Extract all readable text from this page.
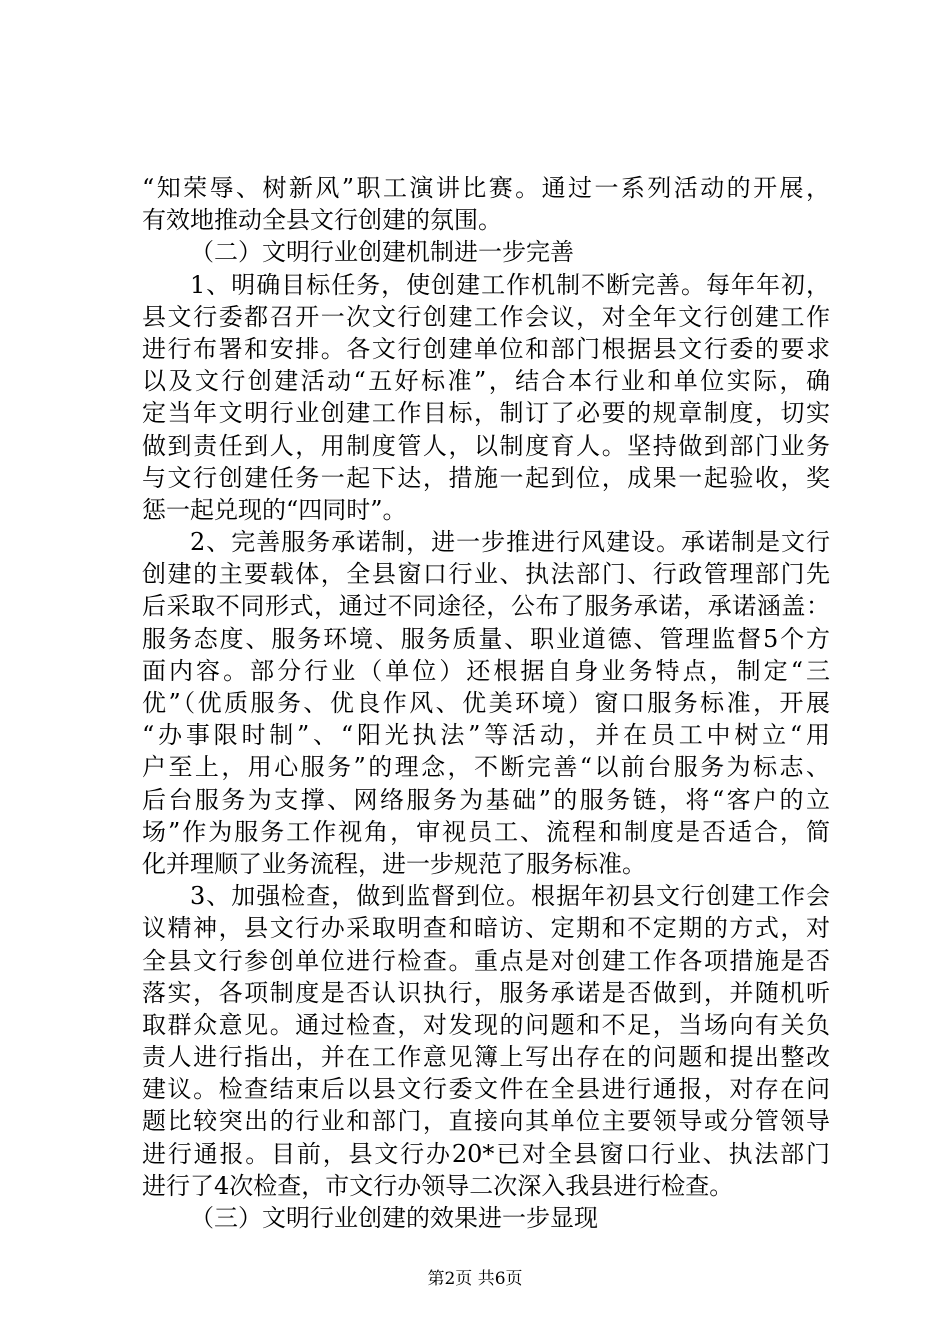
“知荣辱、树新风”职工演讲比赛。通过一系列活动的开展，
有效地推动全县文行创建的氛围。
（二）文明行业创建机制进一步完善
1、明确目标任务，使创建工作机制不断完善。每年年初，
县文行委都召开一次文行创建工作会议，对全年文行创建工作
进行布署和安排。各文行创建单位和部门根据县文行委的要求
以及文行创建活动“五好标准”，结合本行业和单位实际，确
定当年文明行业创建工作目标，制订了必要的规章制度，切实
做到责任到人，用制度管人，以制度育人。坚持做到部门业务
与文行创建任务一起下达，措施一起到位，成果一起验收，奖
惩一起兑现的“四同时”。
2、完善服务承诺制，进一步推进行风建设。承诺制是文行
创建的主要载体，全县窗口行业、执法部门、行政管理部门先
后采取不同形式，通过不同途径，公布了服务承诺，承诺涵盖：
服务态度、服务环境、服务质量、职业道德、管理监督5个方
面内容。部分行业（单位）还根据自身业务特点，制定“三
优”（优质服务、优良作风、优美环境）窗口服务标准，开展
“办事限时制”、“阳光执法”等活动，并在员工中树立“用
户至上，用心服务”的理念，不断完善“以前台服务为标志、
后台服务为支撑、网络服务为基础”的服务链，将“客户的立
场”作为服务工作视角，审视员工、流程和制度是否适合，简
化并理顺了业务流程，进一步规范了服务标准。
3、加强检查，做到监督到位。根据年初县文行创建工作会
议精神，县文行办采取明查和暗访、定期和不定期的方式，对
全县文行参创单位进行检查。重点是对创建工作各项措施是否
落实，各项制度是否认识执行，服务承诺是否做到，并随机听
取群众意见。通过检查，对发现的问题和不足，当场向有关负
责人进行指出，并在工作意见簿上写出存在的问题和提出整改
建议。检查结束后以县文行委文件在全县进行通报，对存在问
题比较突出的行业和部门，直接向其单位主要领导或分管领导
进行通报。目前，县文行办20*已对全县窗口行业、执法部门
进行了4次检查，市文行办领导二次深入我县进行检查。
（三）文明行业创建的效果进一步显现
第2页 共6页
